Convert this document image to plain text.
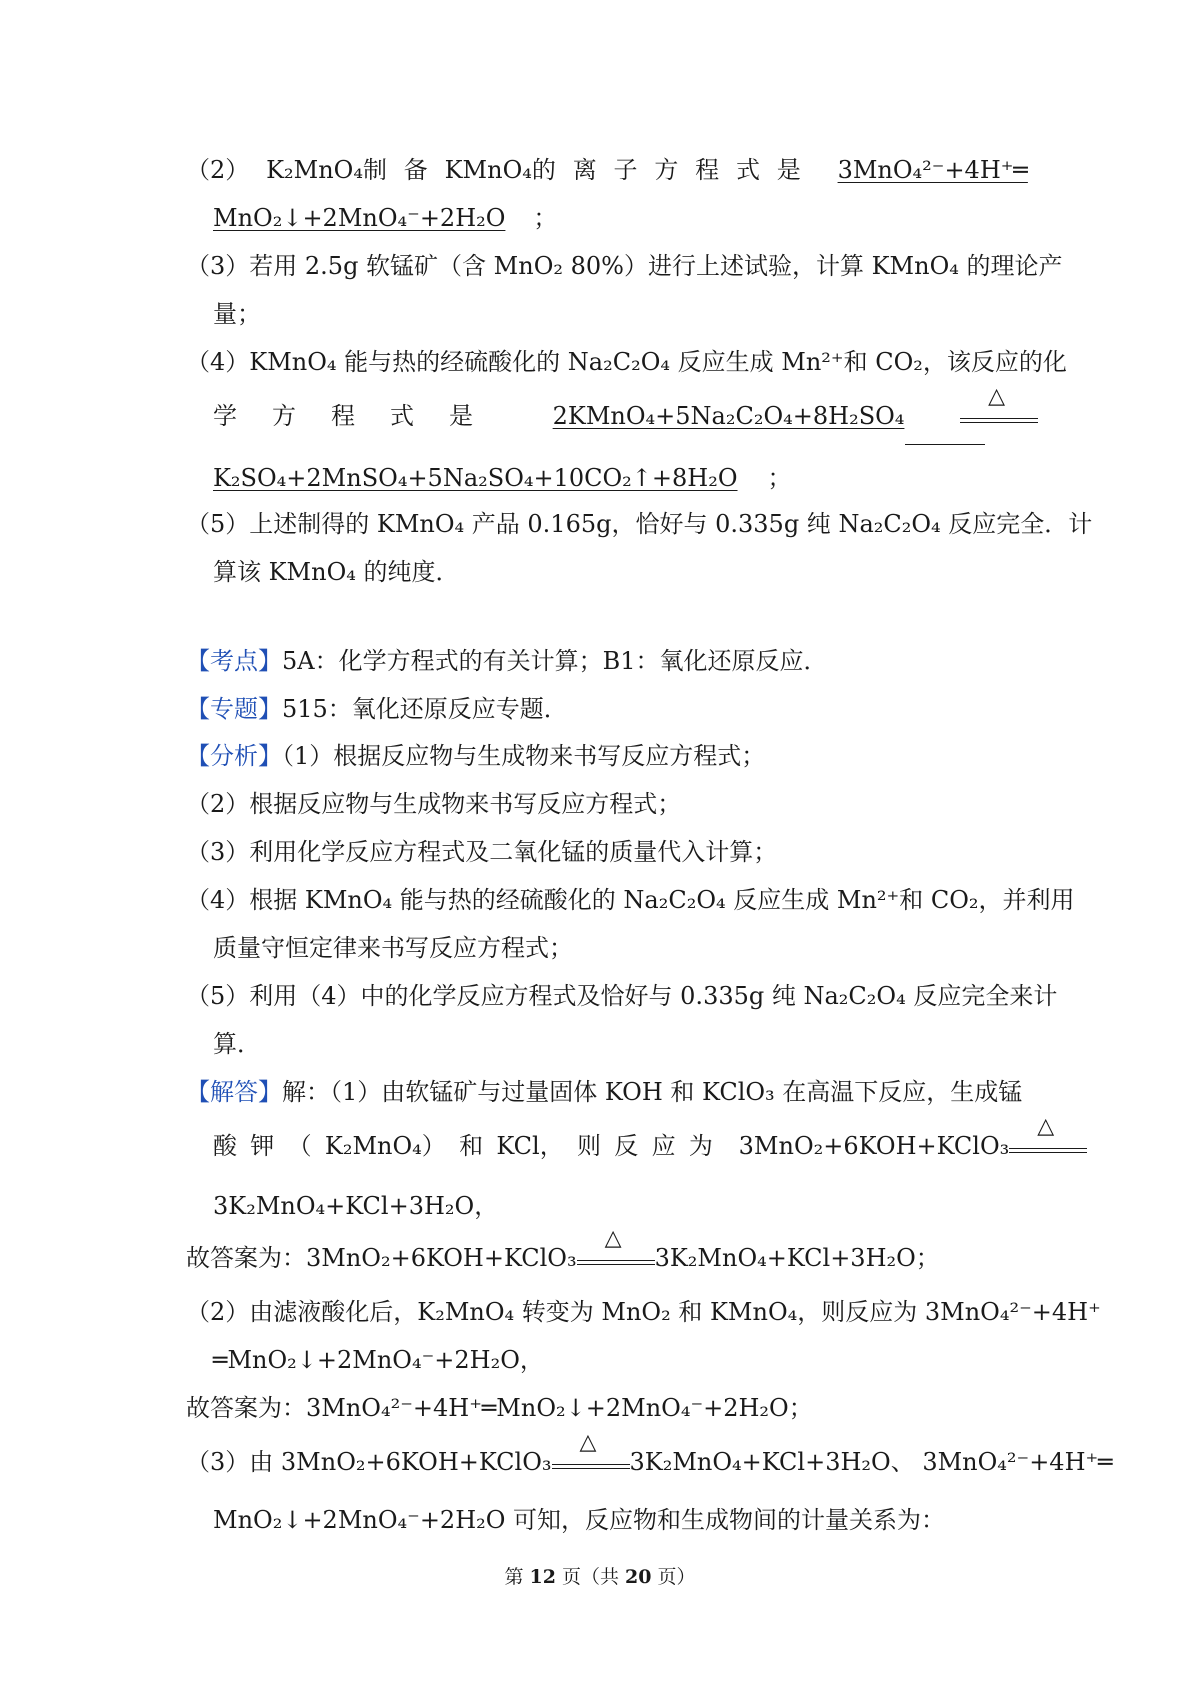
（2） K₂MnO₄制 备 KMnO₄的 离 子 方 程 式 是	3MnO₄²⁻+4H⁺═
MnO₂↓+2MnO₄⁻+2H₂O ；
（3）若用 2.5g 软锰矿（含 MnO₂ 80%）进行上述试验，计算 KMnO₄ 的理论产
量；
（4）KMnO₄ 能与热的经硫酸化的 Na₂C₂O₄ 反应生成 Mn²⁺和 CO₂，该反应的化
学 方 程 式 是	2KMnO₄+5Na₂C₂O₄+8H₂SO₄
△
K₂SO₄+2MnSO₄+5Na₂SO₄+10CO₂↑+8H₂O ；
（5）上述制得的 KMnO₄ 产品 0.165g，恰好与 0.335g 纯 Na₂C₂O₄ 反应完全．计
算该 KMnO₄ 的纯度．
【考点】5A：化学方程式的有关计算；B1：氧化还原反应．
【专题】515：氧化还原反应专题．
【分析】（1）根据反应物与生成物来书写反应方程式；
（2）根据反应物与生成物来书写反应方程式；
（3）利用化学反应方程式及二氧化锰的质量代入计算；
（4）根据 KMnO₄ 能与热的经硫酸化的 Na₂C₂O₄ 反应生成 Mn²⁺和 CO₂，并利用
质量守恒定律来书写反应方程式；
（5）利用（4）中的化学反应方程式及恰好与 0.335g 纯 Na₂C₂O₄ 反应完全来计
算．
【解答】解：（1）由软锰矿与过量固体 KOH 和 KClO₃ 在高温下反应，生成锰
酸 钾 （ K₂MnO₄） 和 KCl， 则 反 应 为 3MnO₂+6KOH+KClO₃
△
3K₂MnO₄+KCl+3H₂O，
故答案为：3MnO₂+6KOH+KClO₃
△
3K₂MnO₄+KCl+3H₂O；
（2）由滤液酸化后，K₂MnO₄ 转变为 MnO₂ 和 KMnO₄，则反应为 3MnO₄²⁻+4H⁺
═MnO₂↓+2MnO₄⁻+2H₂O，
故答案为：3MnO₄²⁻+4H⁺═MnO₂↓+2MnO₄⁻+2H₂O；
（3）由 3MnO₂+6KOH+KClO₃
△
3K₂MnO₄+KCl+3H₂O、 3MnO₄²⁻+4H⁺═
MnO₂↓+2MnO₄⁻+2H₂O 可知，反应物和生成物间的计量关系为：
第 12 页（共 20 页）
